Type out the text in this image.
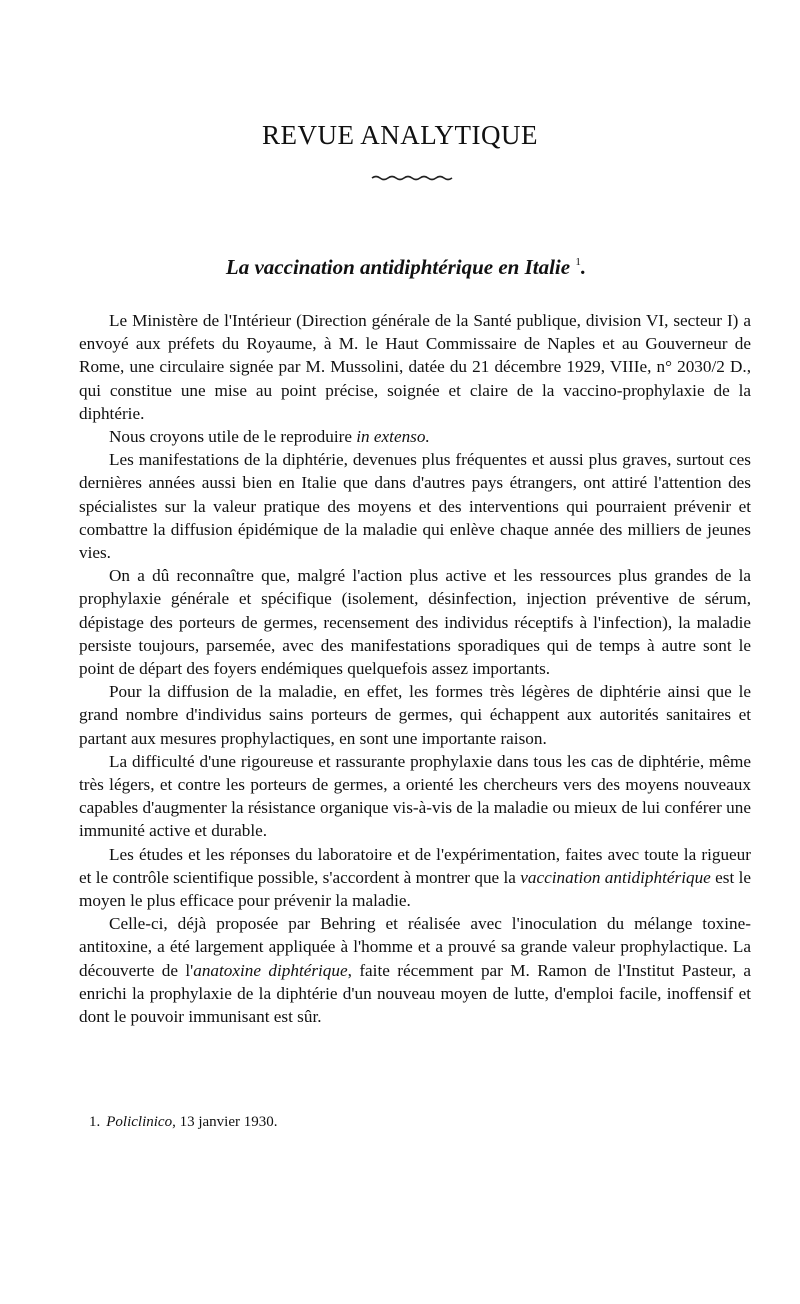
REVUE ANALYTIQUE
La vaccination antidiphtérique en Italie $^1$.

Le Ministère de l'Intérieur (Direction générale de la Santé publique, division VI, secteur I) a envoyé aux préfets du Royaume, à M. le Haut Commissaire de Naples et au Gouverneur de Rome, une circulaire signée par M. Mussolini, datée du 21 décembre 1929, VIIIe, n° 2030/2 D., qui constitue une mise au point précise, soignée et claire de la vaccino-prophylaxie de la diphtérie.

Nous croyons utile de le reproduire in extenso.

Les manifestations de la diphtérie, devenues plus fréquentes et aussi plus graves, surtout ces dernières années aussi bien en Italie que dans d'autres pays étrangers, ont attiré l'attention des spécialistes sur la valeur pratique des moyens et des interventions qui pourraient prévenir et combattre la diffusion épidémique de la maladie qui enlève chaque année des milliers de jeunes vies.

On a dû reconnaître que, malgré l'action plus active et les ressources plus grandes de la prophylaxie générale et spécifique (isolement, désinfection, injection préventive de sérum, dépistage des porteurs de germes, recensement des individus réceptifs à l'infection), la maladie persiste toujours, parsemée, avec des manifestations sporadiques qui de temps à autre sont le point de départ des foyers endémiques quelquefois assez importants.

Pour la diffusion de la maladie, en effet, les formes très légères de diphtérie ainsi que le grand nombre d'individus sains porteurs de germes, qui échappent aux autorités sanitaires et partant aux mesures prophylactiques, en sont une importante raison.

La difficulté d'une rigoureuse et rassurante prophylaxie dans tous les cas de diphtérie, même très légers, et contre les porteurs de germes, a orienté les chercheurs vers des moyens nouveaux capables d'augmenter la résistance organique vis-à-vis de la maladie ou mieux de lui conférer une immunité active et durable.

Les études et les réponses du laboratoire et de l'expérimentation, faites avec toute la rigueur et le contrôle scientifique possible, s'accordent à montrer que la vaccination antidiphtérique est le moyen le plus efficace pour prévenir la maladie.

Celle-ci, déjà proposée par Behring et réalisée avec l'inoculation du mélange toxine-antitoxine, a été largement appliquée à l'homme et a prouvé sa grande valeur prophylactique. La découverte de l'anatoxine diphtérique, faite récemment par M. Ramon de l'Institut Pasteur, a enrichi la prophylaxie de la diphtérie d'un nouveau moyen de lutte, d'emploi facile, inoffensif et dont le pouvoir immunisant est sûr.

1. Policlinico, 13 janvier 1930.
